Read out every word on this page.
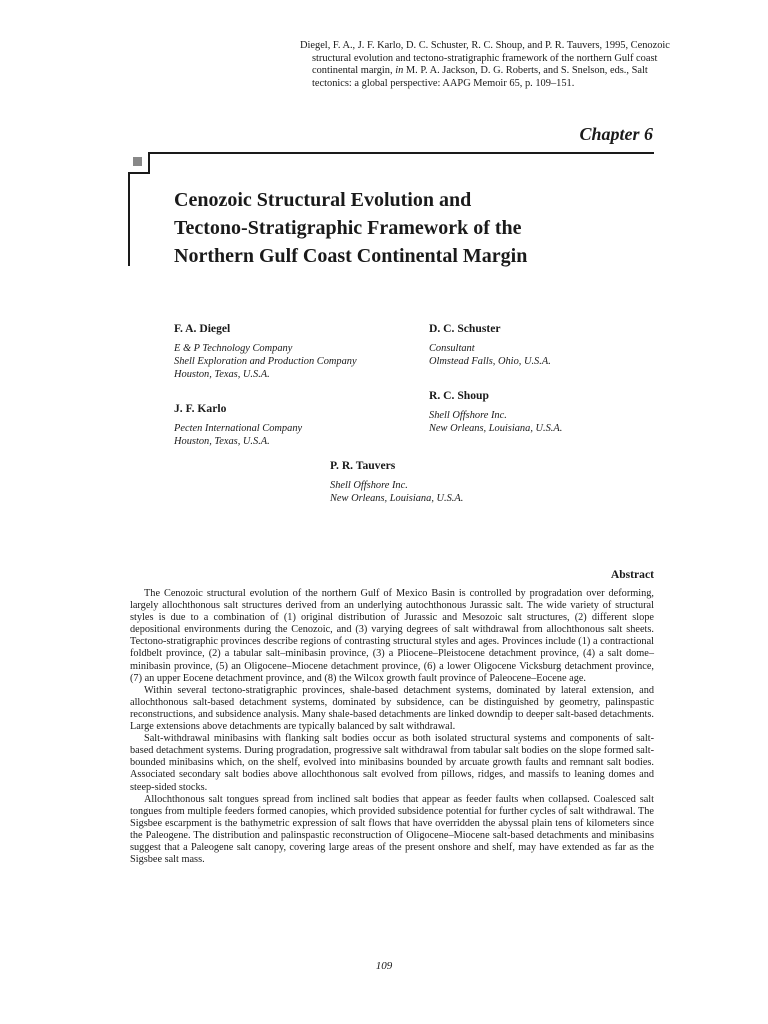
Diegel, F. A., J. F. Karlo, D. C. Schuster, R. C. Shoup, and P. R. Tauvers, 1995, Cenozoic structural evolution and tectono-stratigraphic framework of the northern Gulf coast continental margin, in M. P. A. Jackson, D. G. Roberts, and S. Snelson, eds., Salt tectonics: a global perspective: AAPG Memoir 65, p. 109–151.

Chapter 6

Cenozoic Structural Evolution and
Tectono-Stratigraphic Framework of the
Northern Gulf Coast Continental Margin

F. A. Diegel

E & P Technology Company
Shell Exploration and Production Company
Houston, Texas, U.S.A.

J. F. Karlo

Pecten International Company
Houston, Texas, U.S.A.

D. C. Schuster

Consultant
Olmstead Falls, Ohio, U.S.A.

R. C. Shoup

Shell Offshore Inc.
New Orleans, Louisiana, U.S.A.

P. R. Tauvers

Shell Offshore Inc.
New Orleans, Louisiana, U.S.A.

Abstract

The Cenozoic structural evolution of the northern Gulf of Mexico Basin is controlled by progradation over deforming, largely allochthonous salt structures derived from an underlying autochthonous Jurassic salt. The wide variety of structural styles is due to a combination of (1) original distribution of Jurassic and Mesozoic salt structures, (2) different slope depositional environments during the Cenozoic, and (3) varying degrees of salt withdrawal from allochthonous salt sheets. Tectono-stratigraphic provinces describe regions of contrasting structural styles and ages. Provinces include (1) a contractional foldbelt province, (2) a tabular salt–minibasin province, (3) a Pliocene–Pleistocene detachment province, (4) a salt dome–minibasin province, (5) an Oligocene–Miocene detachment province, (6) a lower Oligocene Vicksburg detachment province, (7) an upper Eocene detachment province, and (8) the Wilcox growth fault province of Paleocene–Eocene age.

Within several tectono-stratigraphic provinces, shale-based detachment systems, dominated by lateral extension, and allochthonous salt-based detachment systems, dominated by subsidence, can be distinguished by geometry, palinspastic reconstructions, and subsidence analysis. Many shale-based detachments are linked downdip to deeper salt-based detachments. Large extensions above detachments are typically balanced by salt withdrawal.

Salt-withdrawal minibasins with flanking salt bodies occur as both isolated structural systems and components of salt-based detachment systems. During progradation, progressive salt withdrawal from tabular salt bodies on the slope formed salt-bounded minibasins which, on the shelf, evolved into minibasins bounded by arcuate growth faults and remnant salt bodies. Associated secondary salt bodies above allochthonous salt evolved from pillows, ridges, and massifs to leaning domes and steep-sided stocks.

Allochthonous salt tongues spread from inclined salt bodies that appear as feeder faults when collapsed. Coalesced salt tongues from multiple feeders formed canopies, which provided subsidence potential for further cycles of salt withdrawal. The Sigsbee escarpment is the bathymetric expression of salt flows that have overridden the abyssal plain tens of kilometers since the Paleogene. The distribution and palinspastic reconstruction of Oligocene–Miocene salt-based detachments and minibasins suggest that a Paleogene salt canopy, covering large areas of the present onshore and shelf, may have extended as far as the Sigsbee salt mass.

109
